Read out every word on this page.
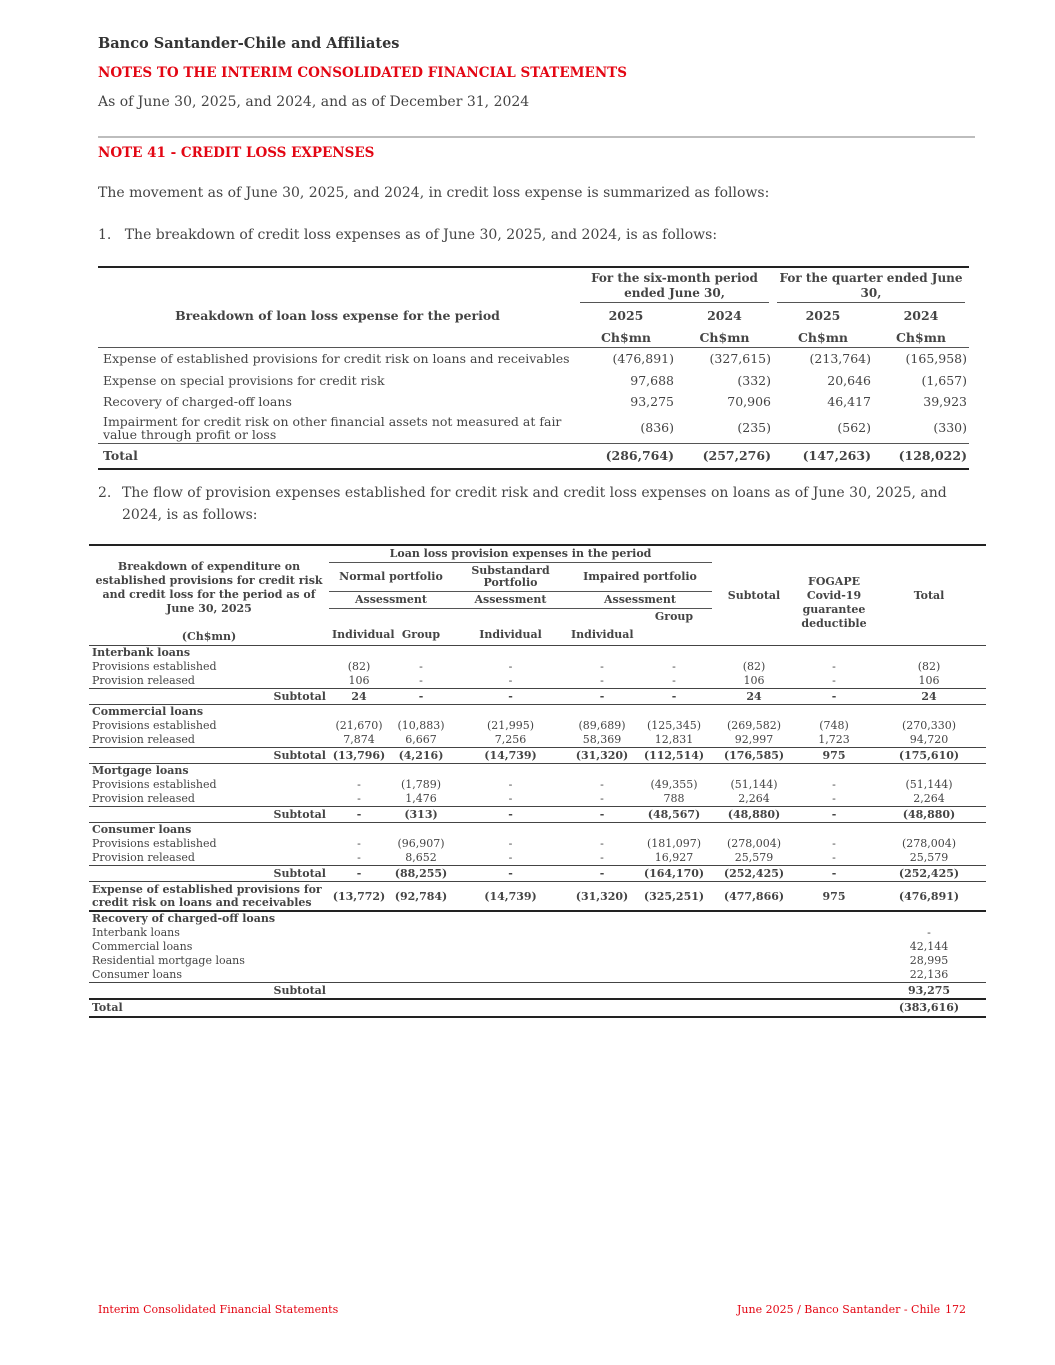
Banco Santander-Chile and Affiliates
NOTES TO THE INTERIM CONSOLIDATED FINANCIAL STATEMENTS
As of June 30, 2025, and 2024, and as of December 31, 2024
NOTE 41 - CREDIT LOSS EXPENSES
The movement as of June 30, 2025, and 2024, in credit loss expense is summarized as follows:
1. The breakdown of credit loss expenses as of June 30, 2025, and 2024, is as follows:

	For the six-month period ended June 30,		For the quarter ended June 30,	

Breakdown of loan loss expense for the period	2025	2024	2025	2024
	Ch$mn	Ch$mn	Ch$mn	Ch$mn
Expense of established provisions for credit risk on loans and receivables	(476,891)	(327,615)	(213,764)	(165,958)
Expense on special provisions for credit risk	97,688	(332)	20,646	(1,657)
Recovery of charged-off loans	93,275	70,906	46,417	39,923
Impairment for credit risk on other financial assets not measured at fair value through profit or loss	(836)	(235)	(562)	(330)
Total	(286,764)	(257,276)	(147,263)	(128,022)
2. The flow of provision expenses established for credit risk and credit loss expenses on loans as of June 30, 2025, and 2024, is as follows:
Breakdown of expenditure on established provisions for credit risk and credit loss for the period as of June 30, 2025

(Ch$mn)	Loan loss provision expenses in the period					Subtotal	FOGAPE Covid-19 guarantee deductible	Total
	Normal portfolio		Substandard Portfolio	Impaired portfolio				
	Assessment		Assessment	Assessment				
	Individual	Group	Individual	Individual	Group			

Interbank loans								
Provisions established	(82)	-	-	-	-	(82)	-	(82)
Provision released	106	-	-	-	-	106	-	106
Subtotal	24	-	-	-	-	24	-	24
Commercial loans								
Provisions established	(21,670)	(10,883)	(21,995)	(89,689)	(125,345)	(269,582)	(748)	(270,330)
Provision released	7,874	6,667	7,256	58,369	12,831	92,997	1,723	94,720
Subtotal	(13,796)	(4,216)	(14,739)	(31,320)	(112,514)	(176,585)	975	(175,610)
Mortgage loans								
Provisions established	-	(1,789)	-	-	(49,355)	(51,144)	-	(51,144)
Provision released	-	1,476	-	-	788	2,264	-	2,264
Subtotal	-	(313)	-	-	(48,567)	(48,880)	-	(48,880)
Consumer loans								
Provisions established	-	(96,907)	-	-	(181,097)	(278,004)	-	(278,004)
Provision released	-	8,652	-	-	16,927	25,579	-	25,579
Subtotal	-	(88,255)	-	-	(164,170)	(252,425)	-	(252,425)
Expense of established provisions for credit risk on loans and receivables	(13,772)	(92,784)	(14,739)	(31,320)	(325,251)	(477,866)	975	(476,891)
Recovery of charged-off loans								
Interbank loans								-
Commercial loans								42,144
Residential mortgage loans								28,995
Consumer loans								22,136
Subtotal								93,275
Total								(383,616)
Interim Consolidated Financial Statements	June 2025 / Banco Santander - Chile 172
